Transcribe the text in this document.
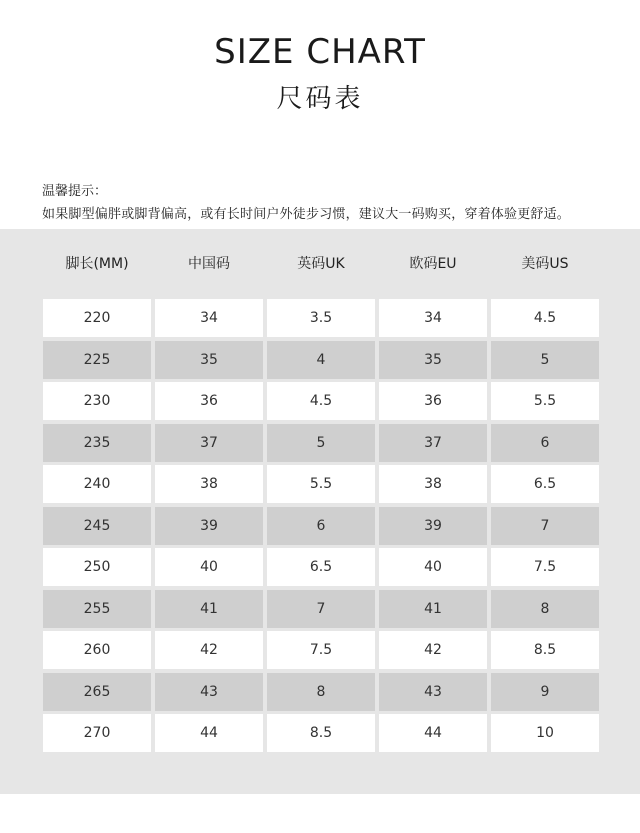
SIZE CHART
尺码表
温馨提示：
如果脚型偏胖或脚背偏高，或有长时间户外徒步习惯，建议大一码购买，穿着体验更舒适。
脚长(MM)	中国码	英码UK	欧码EU	美码US
220	34	3.5	34	4.5
225	35	4	35	5
230	36	4.5	36	5.5
235	37	5	37	6
240	38	5.5	38	6.5
245	39	6	39	7
250	40	6.5	40	7.5
255	41	7	41	8
260	42	7.5	42	8.5
265	43	8	43	9
270	44	8.5	44	10
